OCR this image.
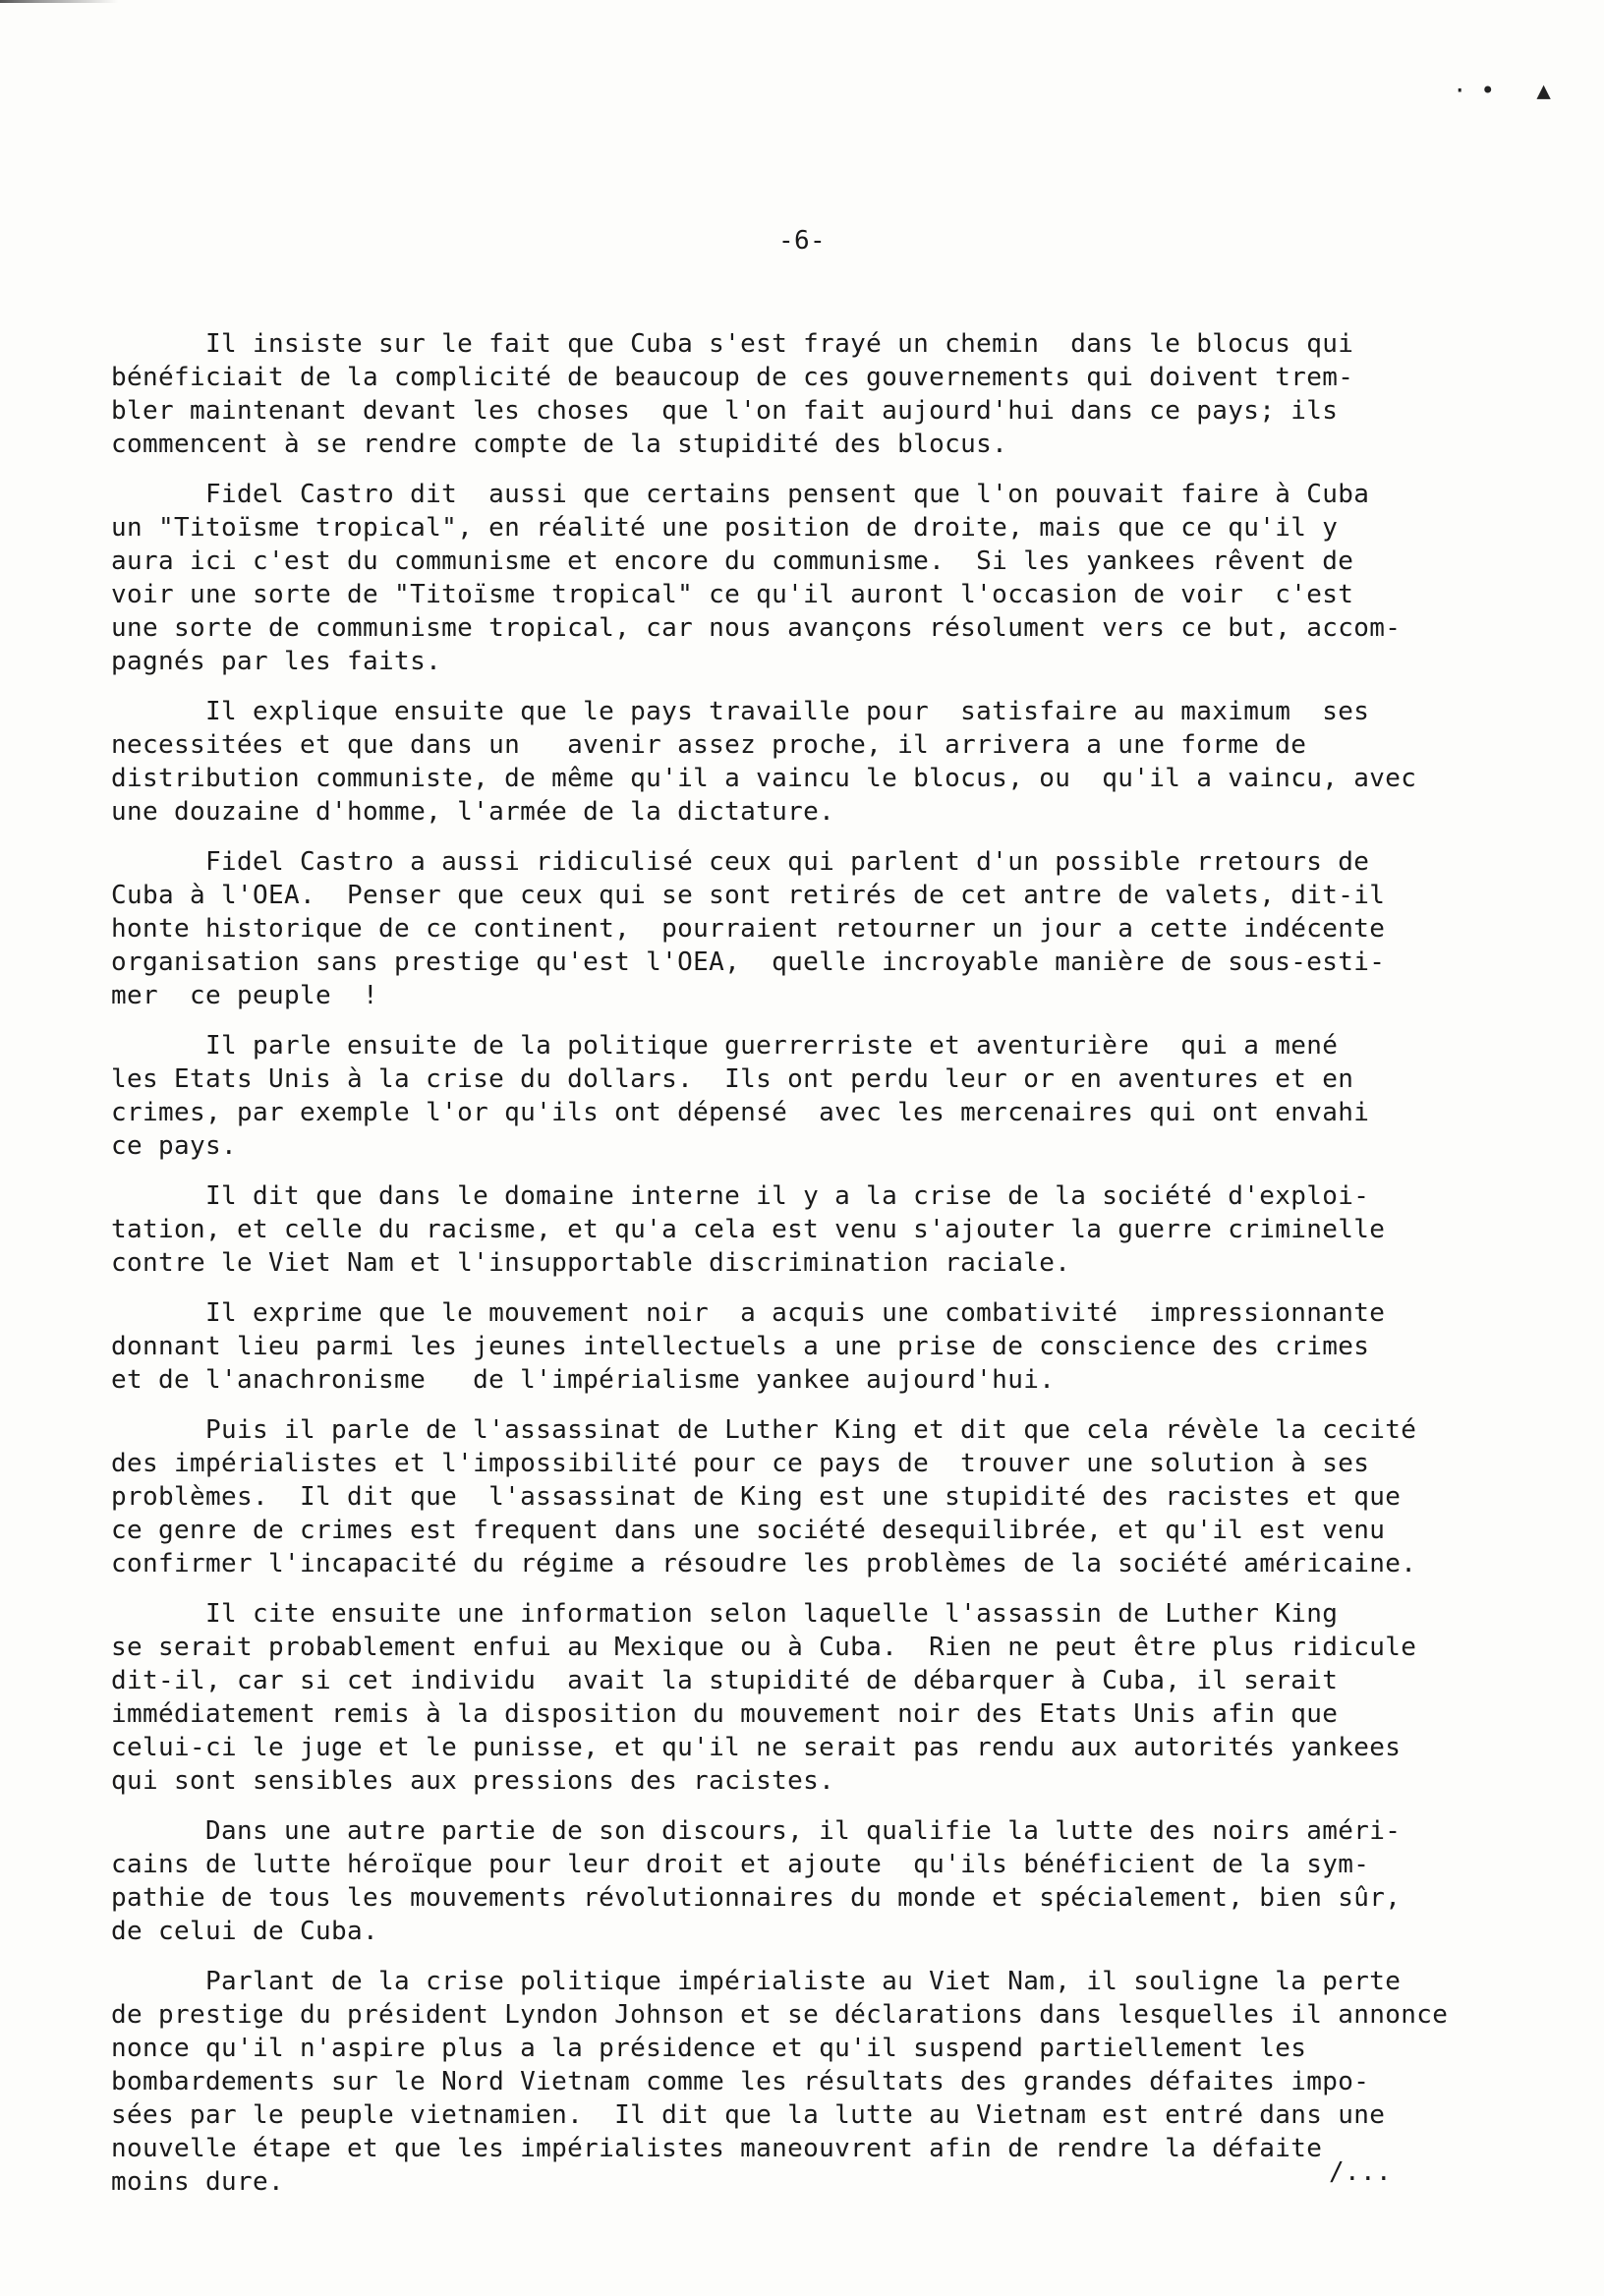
·• ▲
-6-
Il insiste sur le fait que Cuba s'est frayé un chemin  dans le blocus qui
bénéficiait de la complicité de beaucoup de ces gouvernements qui doivent trem-
bler maintenant devant les choses  que l'on fait aujourd'hui dans ce pays; ils
commencent à se rendre compte de la stupidité des blocus.
Fidel Castro dit  aussi que certains pensent que l'on pouvait faire à Cuba
un "Titoïsme tropical", en réalité une position de droite, mais que ce qu'il y
aura ici c'est du communisme et encore du communisme.  Si les yankees rêvent de
voir une sorte de "Titoïsme tropical" ce qu'il auront l'occasion de voir  c'est
une sorte de communisme tropical, car nous avançons résolument vers ce but, accom-
pagnés par les faits.
Il explique ensuite que le pays travaille pour  satisfaire au maximum  ses
necessitées et que dans un   avenir assez proche, il arrivera a une forme de
distribution communiste, de même qu'il a vaincu le blocus, ou  qu'il a vaincu, avec
une douzaine d'homme, l'armée de la dictature.
Fidel Castro a aussi ridiculisé ceux qui parlent d'un possible rretours de
Cuba à l'OEA.  Penser que ceux qui se sont retirés de cet antre de valets, dit-il
honte historique de ce continent,  pourraient retourner un jour a cette indécente
organisation sans prestige qu'est l'OEA,  quelle incroyable manière de sous-esti-
mer  ce peuple  !
Il parle ensuite de la politique guerrerriste et aventurière  qui a mené
les Etats Unis à la crise du dollars.  Ils ont perdu leur or en aventures et en
crimes, par exemple l'or qu'ils ont dépensé  avec les mercenaires qui ont envahi
ce pays.
Il dit que dans le domaine interne il y a la crise de la société d'exploi-
tation, et celle du racisme, et qu'a cela est venu s'ajouter la guerre criminelle
contre le Viet Nam et l'insupportable discrimination raciale.
Il exprime que le mouvement noir  a acquis une combativité  impressionnante
donnant lieu parmi les jeunes intellectuels a une prise de conscience des crimes
et de l'anachronisme   de l'impérialisme yankee aujourd'hui.
Puis il parle de l'assassinat de Luther King et dit que cela révèle la cecité
des impérialistes et l'impossibilité pour ce pays de  trouver une solution à ses
problèmes.  Il dit que  l'assassinat de King est une stupidité des racistes et que
ce genre de crimes est frequent dans une société desequilibrée, et qu'il est venu
confirmer l'incapacité du régime a résoudre les problèmes de la société américaine.
Il cite ensuite une information selon laquelle l'assassin de Luther King
se serait probablement enfui au Mexique ou à Cuba.  Rien ne peut être plus ridicule
dit-il, car si cet individu  avait la stupidité de débarquer à Cuba, il serait
immédiatement remis à la disposition du mouvement noir des Etats Unis afin que
celui-ci le juge et le punisse, et qu'il ne serait pas rendu aux autorités yankees
qui sont sensibles aux pressions des racistes.
Dans une autre partie de son discours, il qualifie la lutte des noirs améri-
cains de lutte héroïque pour leur droit et ajoute  qu'ils bénéficient de la sym-
pathie de tous les mouvements révolutionnaires du monde et spécialement, bien sûr,
de celui de Cuba.
Parlant de la crise politique impérialiste au Viet Nam, il souligne la perte
de prestige du président Lyndon Johnson et se déclarations dans lesquelles il annonce
nonce qu'il n'aspire plus a la présidence et qu'il suspend partiellement les
bombardements sur le Nord Vietnam comme les résultats des grandes défaites impo-
sées par le peuple vietnamien.  Il dit que la lutte au Vietnam est entré dans une
nouvelle étape et que les impérialistes maneouvrent afin de rendre la défaite
moins dure.	/...
